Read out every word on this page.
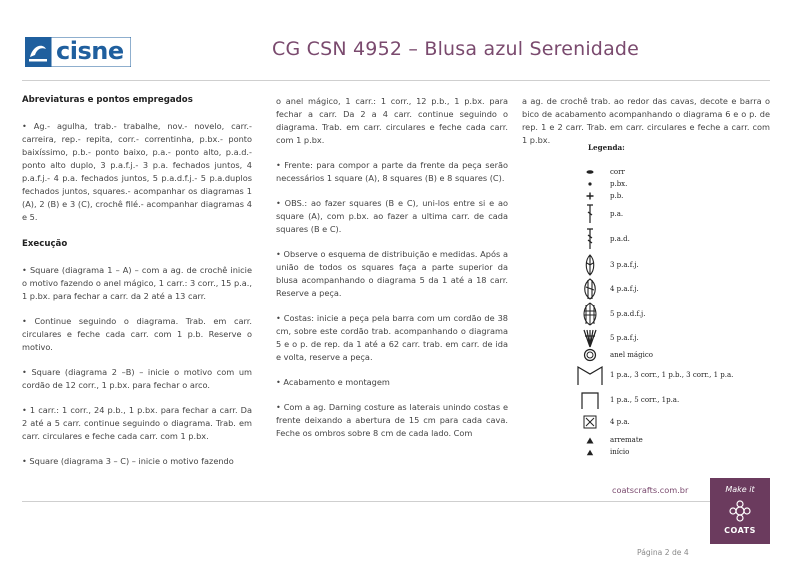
cisne	CG CSN 4952 – Blusa azul Serenidade
Abreviaturas e pontos empregados

• Ag.- agulha, trab.- trabalhe, nov.- novelo, carr.- carreira, rep.- repita, corr.- correntinha, p.bx.- ponto baixíssimo, p.b.- ponto baixo, p.a.- ponto alto, p.a.d.- ponto alto duplo, 3 p.a.f.j.- 3 p.a. fechados juntos, 4 p.a.f.j.- 4 p.a. fechados juntos, 5 p.a.d.f.j.- 5 p.a.duplos fechados juntos, squares.- acompanhar os diagramas 1 (A), 2 (B) e 3 (C), crochê filé.- acompanhar diagramas 4 e 5.

Execução

• Square (diagrama 1 – A) – com a ag. de crochê inicie o motivo fazendo o anel mágico, 1 carr.: 3 corr., 15 p.a., 1 p.bx. para fechar a carr. da 2 até a 13 carr.

• Continue seguindo o diagrama. Trab. em carr. circulares e feche cada carr. com 1 p.b. Reserve o motivo.

• Square (diagrama 2 –B) – inicie o motivo com um cordão de 12 corr., 1 p.bx. para fechar o arco.

• 1 carr.: 1 corr., 24 p.b., 1 p.bx. para fechar a carr. Da 2 até a 5 carr. continue seguindo o diagrama. Trab. em carr. circulares e feche cada carr. com 1 p.bx.

• Square (diagrama 3 – C) – inicie o motivo fazendo

o anel mágico, 1 carr.: 1 corr., 12 p.b., 1 p.bx. para fechar a carr. Da 2 a 4 carr. continue seguindo o diagrama. Trab. em carr. circulares e feche cada carr. com 1 p.bx.

• Frente: para compor a parte da frente da peça serão necessários 1 square (A), 8 squares (B) e 8 squares (C).

• OBS.: ao fazer squares (B e C), uni-los entre si e ao square (A), com p.bx. ao fazer a ultima carr. de cada squares (B e C).

• Observe o esquema de distribuição e medidas. Após a união de todos os squares faça a parte superior da blusa acompanhando o diagrama 5 da 1 até a 18 carr. Reserve a peça.

• Costas: inicie a peça pela barra com um cordão de 38 cm, sobre este cordão trab. acompanhando o diagrama 5 e o p. de rep. da 1 até a 62 carr. trab. em carr. de ida e volta, reserve a peça.

• Acabamento e montagem

• Com a ag. Darning costure as laterais unindo costas e frente deixando a abertura de 15 cm para cada cava. Feche os ombros sobre 8 cm de cada lado. Com

a ag. de crochê trab. ao redor das cavas, decote e barra o bico de acabamento acompanhando o diagrama 6 e o p. de rep. 1 e 2 carr. Trab. em carr. circulares e feche a carr. com 1 p.bx.

Legenda:
corr
p.bx.
p.b.
p.a.
p.a.d.
3 p.a.f.j.
4 p.a.f.j.
5 p.a.d.f.j.
5 p.a.f.j.
anel mágico
1 p.a., 3 corr., 1 p.b., 3 corr., 1 p.a.
1 p.a., 5 corr., 1p.a.
4 p.a.
arremate
início
coatscrafts.com.br
Página 2 de 4
Make it
COATS
